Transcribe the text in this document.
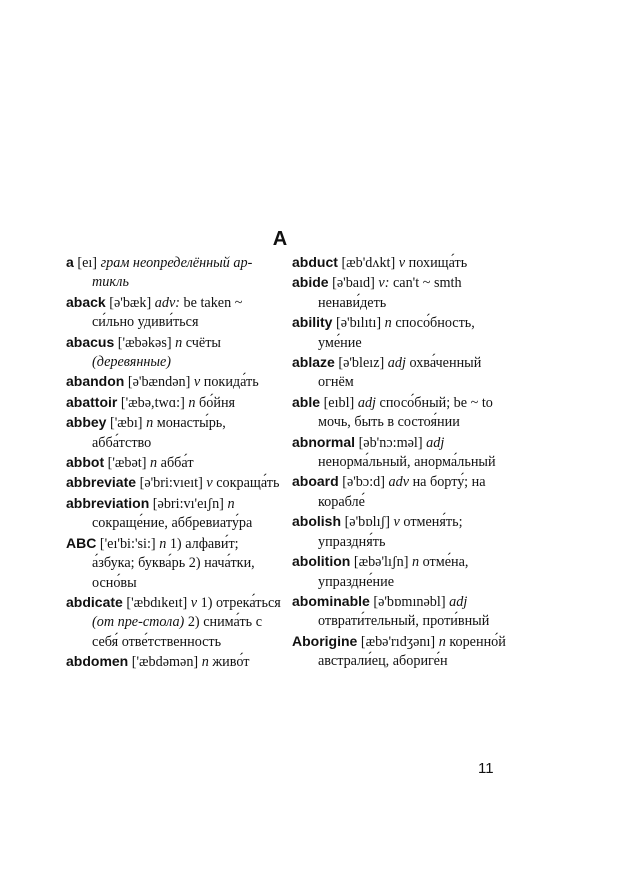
A
a [eı] грам неопределённый ар-тикль
aback [ə'bæk] adv: be taken ~ си́льно удиви́ться
abacus ['æbəkəs] n счёты (деревянные)
abandon [ə'bændən] v покида́ть
abattoir ['æbə,twɑ:] n бо́йня
abbey ['æbı] n монасты́рь, абба́тство
abbot ['æbət] n абба́т
abbreviate [ə'bri:vıeıt] v сокраща́ть
abbreviation [əbri:vı'eıʃn] n сокраще́ние, аббревиату́ра
ABC ['eı'bi:'si:] n 1) алфави́т; а́збука; буква́рь 2) нача́тки, осно́вы
abdicate ['æbdıkeıt] v 1) отрека́ться (от пре-стола) 2) снима́ть с себя́ отве́тственность
abdomen ['æbdəmən] n живо́т
abduct [æb'dʌkt] v похища́ть
abide [ə'baıd] v: can't ~ smth ненави́деть
ability [ə'bılıtı] n спосо́бность, уме́ние
ablaze [ə'bleız] adj охва́ченный огнём
able [eıbl] adj спосо́бный; be ~ to мочь, быть в состоя́нии
abnormal [əb'nɔ:məl] adj ненорма́льный, анорма́льный
aboard [ə'bɔ:d] adv на борту́; на корабле́
abolish [ə'bɒlıʃ] v отменя́ть; упраздня́ть
abolition [æbə'lıʃn] n отме́на, упраздне́ние
abominable [ə'bɒmınəbl] adj отврати́тельный, проти́вный
Aborigine [æbə'rıdʒənı] n коренно́й австрали́ец, абориге́н
11
